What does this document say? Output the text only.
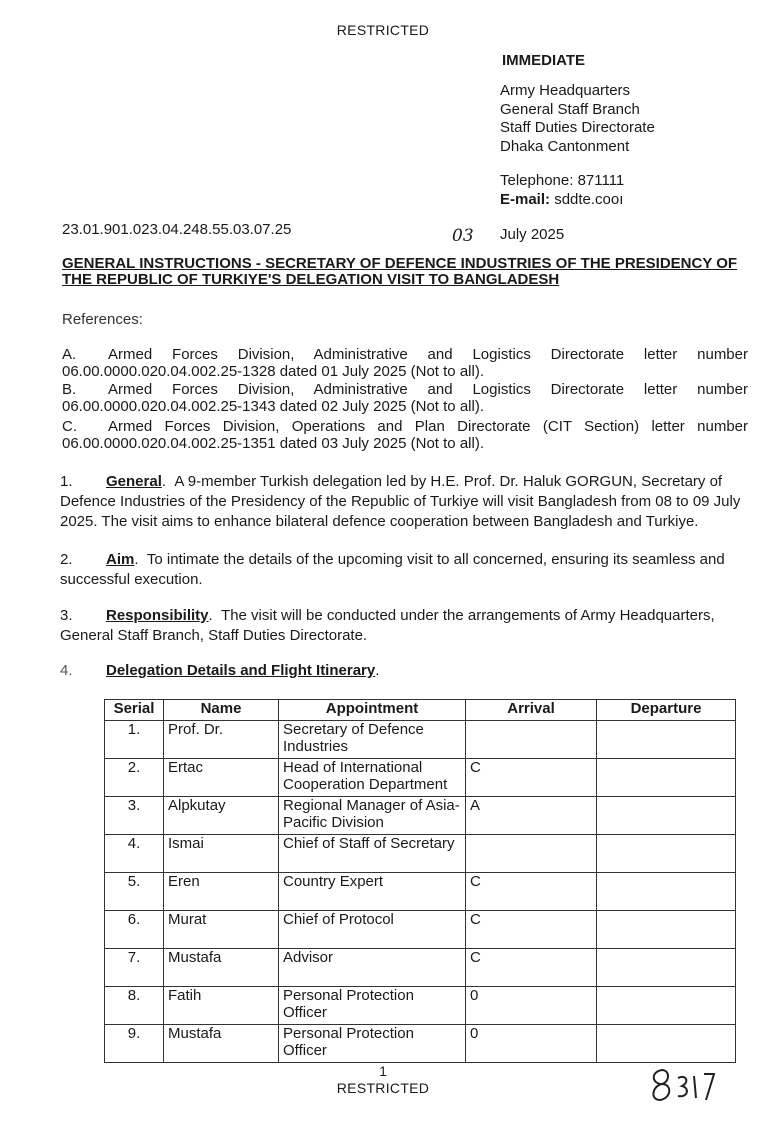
RESTRICTED
IMMEDIATE
Army Headquarters
General Staff Branch
Staff Duties Directorate
Dhaka Cantonment
Telephone: 871111
E-mail: sddte.cooı
23.01.901.023.04.248.55.03.07.25	03 July 2025
GENERAL INSTRUCTIONS - SECRETARY OF DEFENCE INDUSTRIES OF THE PRESIDENCY OF THE REPUBLIC OF TURKIYE'S DELEGATION VISIT TO BANGLADESH
References:
A.	Armed Forces Division, Administrative and Logistics Directorate letter number
06.00.0000.020.04.002.25-1328 dated 01 July 2025 (Not to all).
B.	Armed Forces Division, Administrative and Logistics Directorate letter number
06.00.0000.020.04.002.25-1343 dated 02 July 2025 (Not to all).
C.	Armed Forces Division, Operations and Plan Directorate (CIT Section) letter number
06.00.0000.020.04.002.25-1351 dated 03 July 2025 (Not to all).
1. General.  A 9-member Turkish delegation led by H.E. Prof. Dr. Haluk GORGUN, Secretary of Defence Industries of the Presidency of the Republic of Turkiye will visit Bangladesh from 08 to 09 July 2025. The visit aims to enhance bilateral defence cooperation between Bangladesh and Turkiye.
2. Aim.  To intimate the details of the upcoming visit to all concerned, ensuring its seamless and successful execution.
3. Responsibility.  The visit will be conducted under the arrangements of Army Headquarters, General Staff Branch, Staff Duties Directorate.
4. Delegation Details and Flight Itinerary.
Serial	Name	Appointment	Arrival	Departure
1.	Prof. Dr.	Secretary of Defence Industries		
2.	Ertac	Head of International Cooperation Department	C	
3.	Alpkutay	Regional Manager of Asia-Pacific Division	A	
4.	Ismai	Chief of Staff of Secretary		
5.	Eren	Country Expert	C	
6.	Murat	Chief of Protocol	C	
7.	Mustafa	Advisor	C	
8.	Fatih	Personal Protection Officer	0	
9.	Mustafa	Personal Protection Officer	0	
1
RESTRICTED
